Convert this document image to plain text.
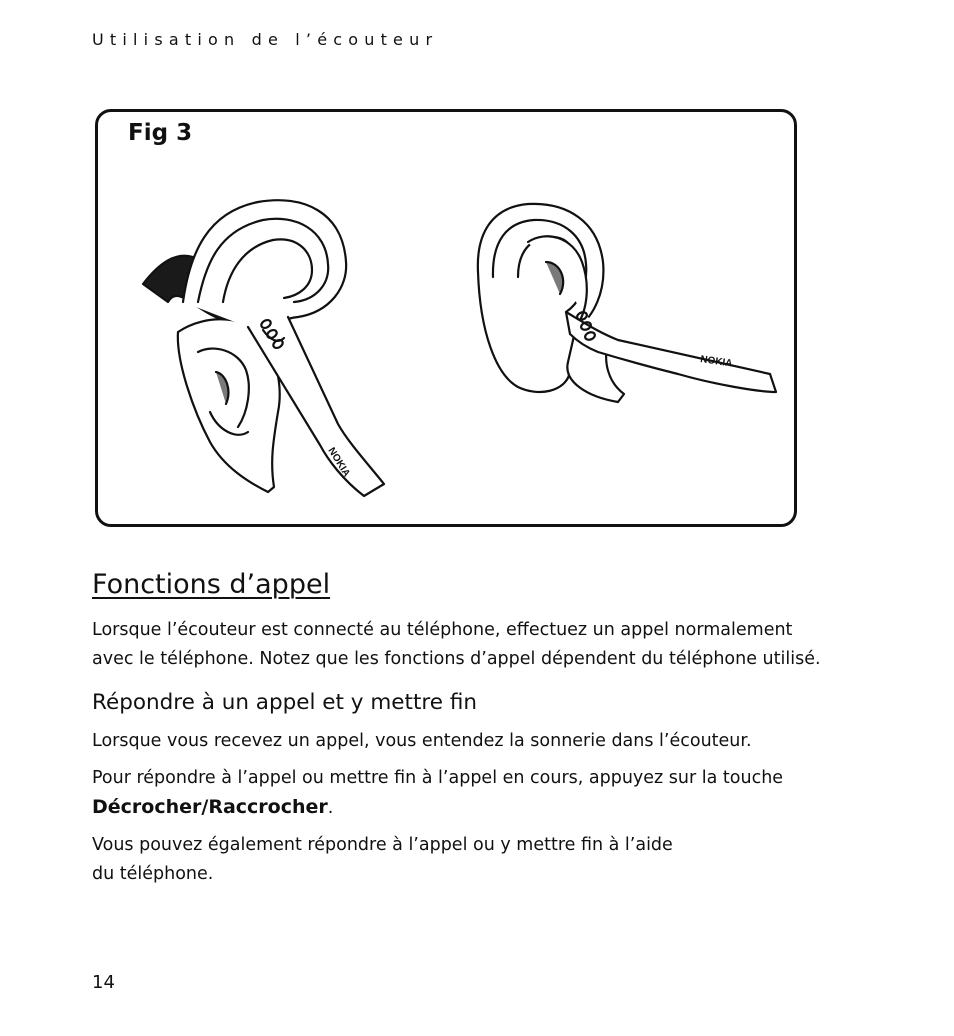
Utilisation de l’écouteur
Fig 3
NOKIA
NOKIA
Fonctions d’appel

Lorsque l’écouteur est connecté au téléphone, effectuez un appel normalement
avec le téléphone. Notez que les fonctions d’appel dépendent du téléphone utilisé.

Répondre à un appel et y mettre fin

Lorsque vous recevez un appel, vous entendez la sonnerie dans l’écouteur.

Pour répondre à l’appel ou mettre fin à l’appel en cours, appuyez sur la touche
Décrocher/Raccrocher.

Vous pouvez également répondre à l’appel ou y mettre fin à l’aide
du téléphone.

14
